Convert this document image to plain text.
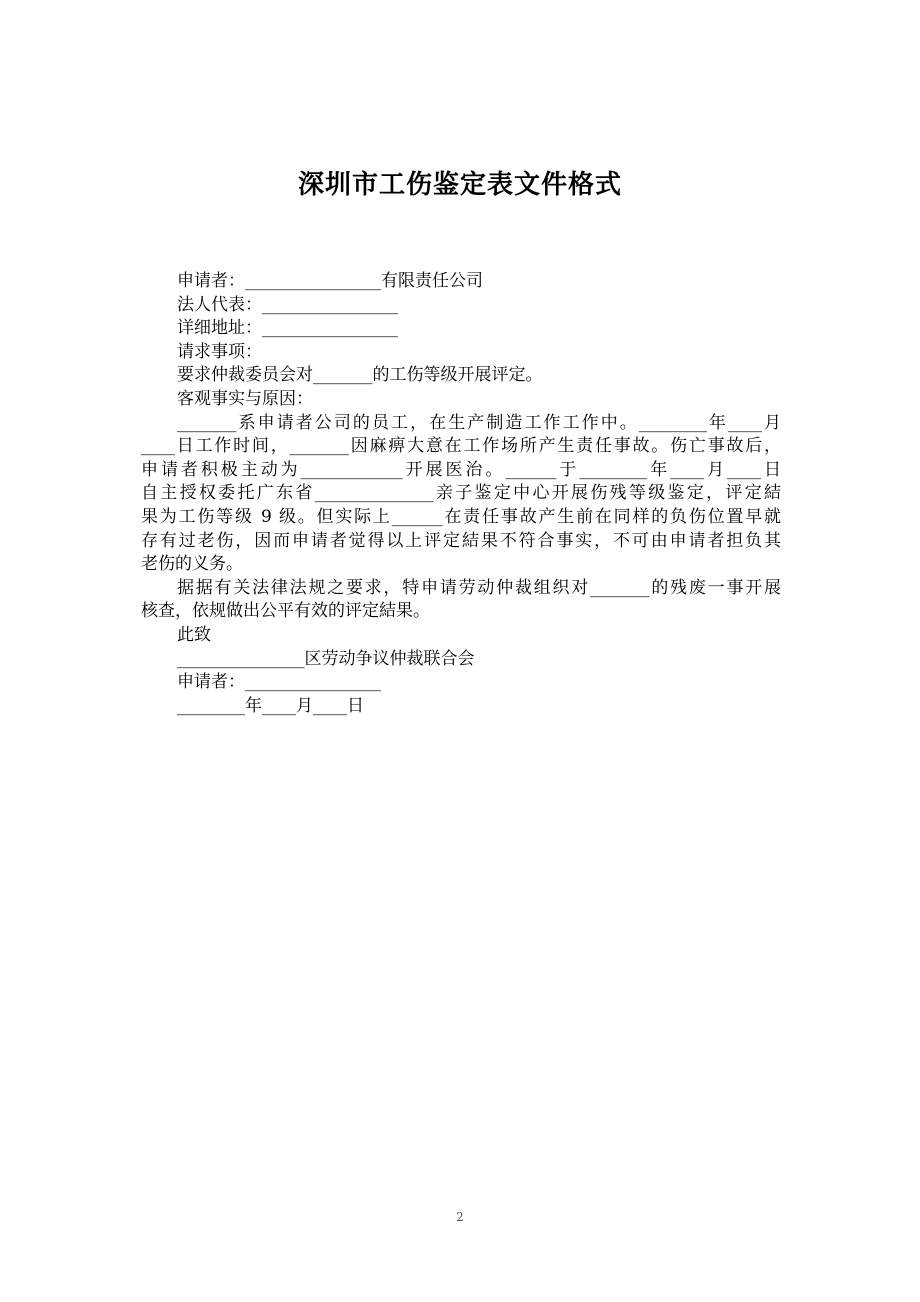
深圳市工伤鉴定表文件格式
申请者：________________有限责任公司
法人代表：________________
详细地址：________________
请求事项：
要求仲裁委员会对_______的工伤等级开展评定。
客观事实与原因：
_______系申请者公司的员工，在生产制造工作工作中。________年____月
____日工作时间，_______因麻痹大意在工作场所产生责任事故。伤亡事故后，
申请者积极主动为____________开展医治。______于________年____月____日
自主授权委托广东省______________亲子鉴定中心开展伤残等级鉴定，评定結
果为工伤等级 9 级。但实际上______在责任事故产生前在同样的负伤位置早就
存有过老伤，因而申请者觉得以上评定結果不符合事实，不可由申请者担负其
老伤的义务。
据据有关法律法规之要求，特申请劳动仲裁组织对_______的残废一事开展
核查，依规做出公平有效的评定結果。
此致
_______________区劳动争议仲裁联合会
申请者：________________
________年____月____日
2
